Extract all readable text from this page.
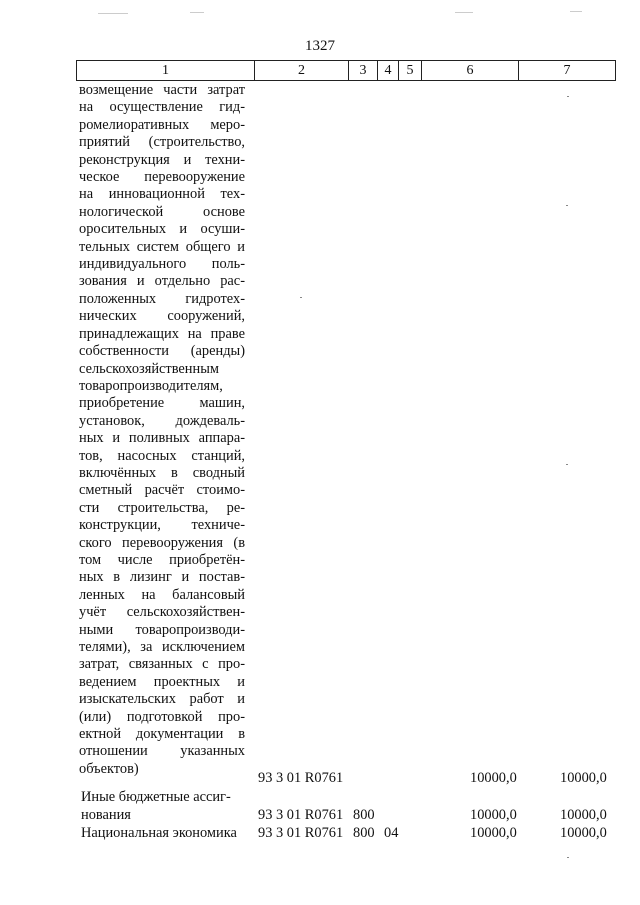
1327
1	2	3	4	5	6	7
возмещение части затрат
на осуществление гид-
ромелиоративных меро-
приятий (строительство,
реконструкция и техни-
ческое перевооружение
на инновационной тех-
нологической основе
оросительных и осуши-
тельных систем общего и
индивидуального поль-
зования и отдельно рас-
положенных гидротех-
нических сооружений,
принадлежащих на праве
собственности (аренды)
сельскохозяйственным
товаропроизводителям,
приобретение машин,
установок, дождеваль-
ных и поливных аппара-
тов, насосных станций,
включённых в сводный
сметный расчёт стоимо-
сти строительства, ре-
конструкции, техниче-
ского перевооружения (в
том числе приобретён-
ных в лизинг и постав-
ленных на балансовый
учёт сельскохозяйствен-
ными товаропроизводи-
телями), за исключением
затрат, связанных с про-
ведением проектных и
изыскательских работ и
(или) подготовкой про-
ектной документации в
отношении указанных
объектов)
93 3 01 R0761	10000,0	10000,0
Иные бюджетные ассиг-
нования	93 3 01 R0761 800	10000,0	10000,0
Национальная экономика 93 3 01 R0761 800 04	10000,0	10000,0
